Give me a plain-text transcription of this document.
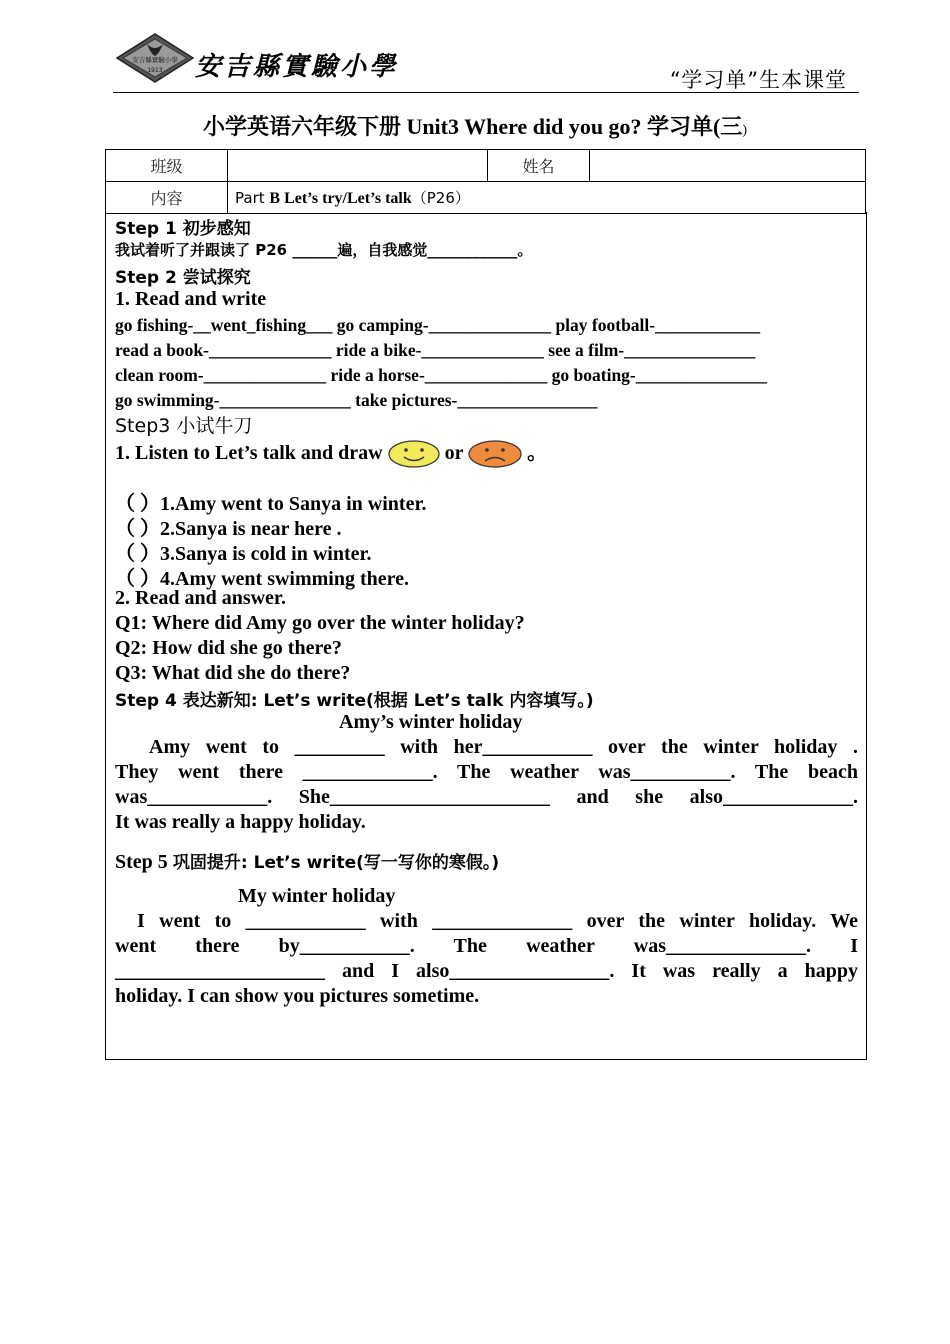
安吉縣實驗小學
1913 安吉縣實驗小學	“学习单”生本课堂
小学英语六年级下册 Unit3 Where did you go? 学习单(三)
班级		姓名	
内容	Part B Let’s try/Let’s talk（P26）		
Step 1 初步感知
我试着听了并跟读了 P26 ______遍，自我感觉____________。
Step 2 尝试探究
1. Read and write
go fishing-__went_fishing___ go camping-______________ play football-____________
read a book-______________ ride a bike-______________ see a film-_______________
clean room-______________ ride a horse-______________ go boating-_______________
go swimming-_______________ take pictures-________________
Step3 小试牛刀
1. Listen to Let’s talk and draw	or	。
（ ）1.Amy went to Sanya in winter.
（ ）2.Sanya is near here .
（ ）3.Sanya is cold in winter.
（ ）4.Amy went swimming there.
2. Read and answer.
Q1: Where did Amy go over the winter holiday?
Q2: How did she go there?
Q3: What did she do there?
Step 4 表达新知: Let’s write(根据 Let’s talk 内容填写。)
Amy’s winter holiday
Amy went to _________ with her___________ over the winter holiday .
They went there _____________. The weather was__________. The beach
was____________. She______________________ and she also_____________.
It was really a happy holiday.
Step 5 巩固提升: Let’s write(写一写你的寒假。)
My winter holiday
I went to ____________ with ______________ over the winter holiday. We
went there by___________. The weather was______________. I
_____________________ and I also________________. It was really a happy
holiday. I can show you pictures sometime.
